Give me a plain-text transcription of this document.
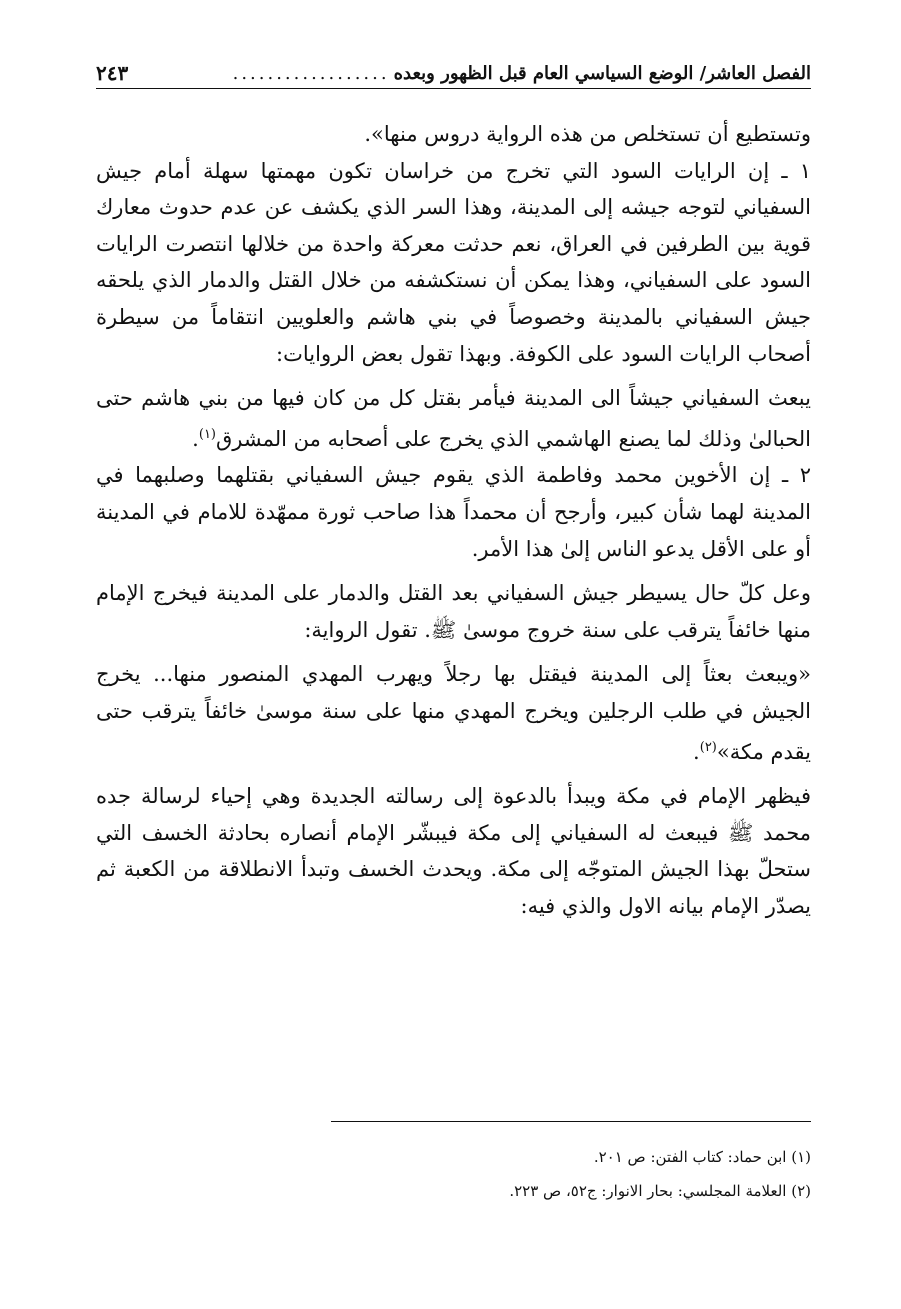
الفصل العاشر/ الوضع السياسي العام قبل الظهور وبعده
..................
٢٤٣

وتستطيع أن تستخلص من هذه الرواية دروس منها».

١ ـ إن الرايات السود التي تخرج من خراسان تكون مهمتها سهلة أمام جيش السفياني لتوجه جيشه إلى المدينة، وهذا السر الذي يكشف عن عدم حدوث معارك قوية بين الطرفين في العراق، نعم حدثت معركة واحدة من خلالها انتصرت الرايات السود على السفياني، وهذا يمكن أن نستكشفه من خلال القتل والدمار الذي يلحقه جيش السفياني بالمدينة وخصوصاً في بني هاشم والعلويين انتقاماً من سيطرة أصحاب الرايات السود على الكوفة. وبهذا تقول بعض الروايات:

يبعث السفياني جيشاً الى المدينة فيأمر بقتل كل من كان فيها من بني هاشم حتى الحبالىٰ وذلك لما يصنع الهاشمي الذي يخرج على أصحابه من المشرق$^{(١)}$.

٢ ـ إن الأخوين محمد وفاطمة الذي يقوم جيش السفياني بقتلهما وصلبهما في المدينة لهما شأن كبير، وأرجح أن محمداً هذا صاحب ثورة ممهّدة للامام في المدينة أو على الأقل يدعو الناس إلىٰ هذا الأمر.

وعل كلّ حال يسيطر جيش السفياني بعد القتل والدمار على المدينة فيخرج الإمام منها خائفاً يترقب على سنة خروج موسىٰ ﷺ. تقول الرواية:

«ويبعث بعثاً إلى المدينة فيقتل بها رجلاً ويهرب المهدي المنصور منها... يخرج الجيش في طلب الرجلين ويخرج المهدي منها على سنة موسىٰ خائفاً يترقب حتى يقدم مكة»$^{(٢)}$.

فيظهر الإمام في مكة ويبدأ بالدعوة إلى رسالته الجديدة وهي إحياء لرسالة جده محمد ﷺ فيبعث له السفياني إلى مكة فيبشّر الإمام أنصاره بحادثة الخسف التي ستحلّ بهذا الجيش المتوجّه إلى مكة. ويحدث الخسف وتبدأ الانطلاقة من الكعبة ثم يصدّر الإمام بيانه الاول والذي فيه:

(١) ابن حماد: كتاب الفتن: ص ٢٠١.

(٢) العلامة المجلسي: بحار الانوار: ج٥٢، ص ٢٢٣.
